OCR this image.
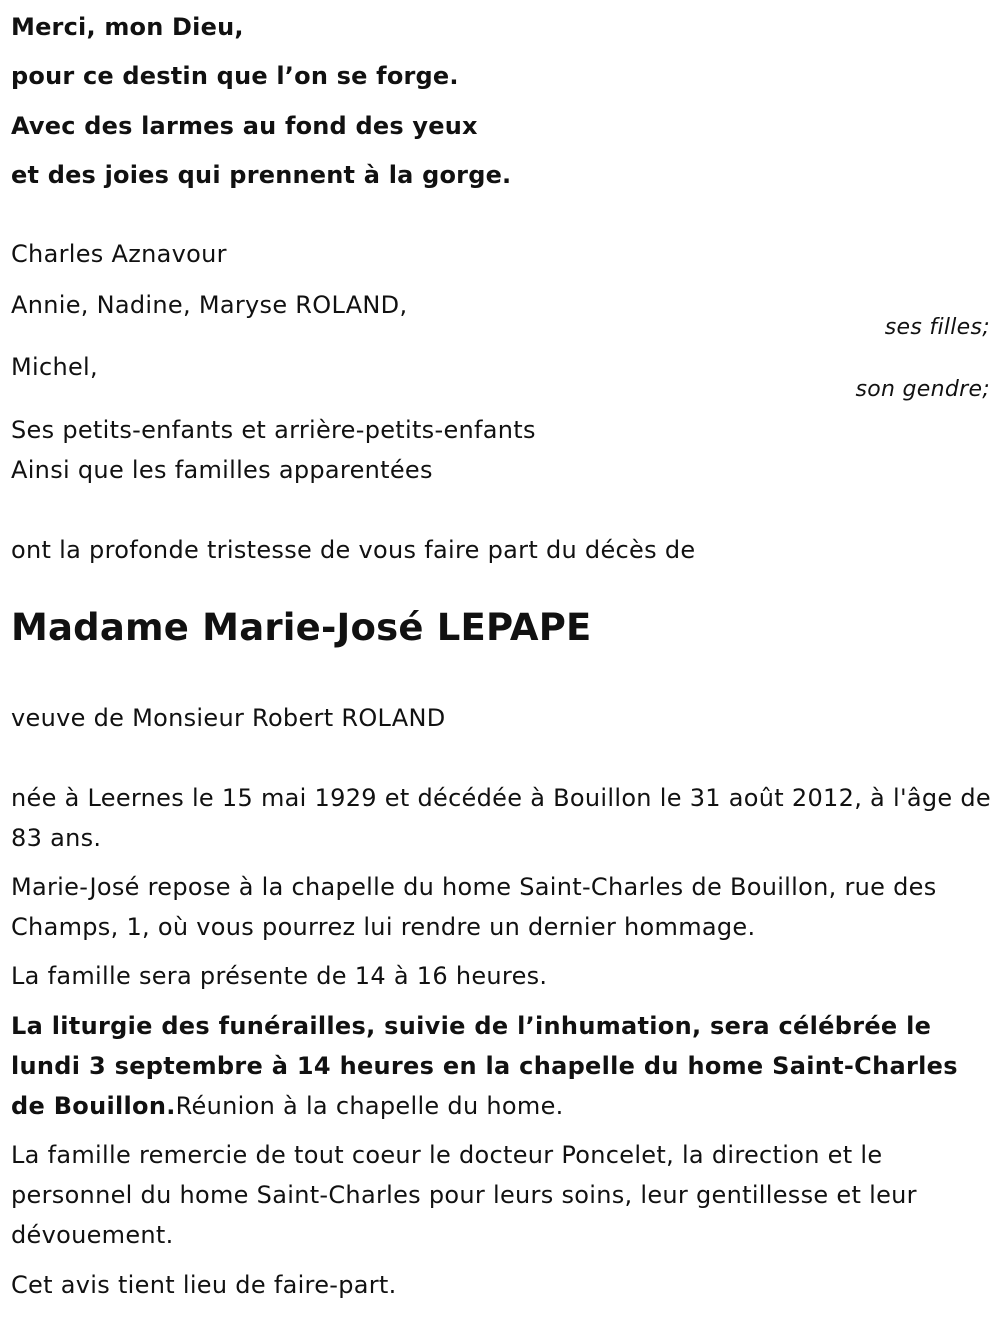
Merci, mon Dieu,

pour ce destin que l’on se forge.

Avec des larmes au fond des yeux

et des joies qui prennent à la gorge.

Charles Aznavour

Annie, Nadine, Maryse ROLAND,

ses filles;

Michel,

son gendre;

Ses petits-enfants et arrière-petits-enfants

Ainsi que les familles apparentées

ont la profonde tristesse de vous faire part du décès de

Madame Marie-José LEPAPE

veuve de Monsieur Robert ROLAND

née à Leernes le 15 mai 1929 et décédée à Bouillon le 31 août 2012, à l'âge de 83 ans.

Marie-José repose à la chapelle du home Saint-Charles de Bouillon, rue des Champs, 1, où vous pourrez lui rendre un dernier hommage.

La famille sera présente de 14 à 16 heures.

La liturgie des funérailles, suivie de l’inhumation, sera célébrée le lundi 3 septembre à 14 heures en la chapelle du home Saint-Charles de Bouillon.Réunion à la chapelle du home.

La famille remercie de tout coeur le docteur Poncelet, la direction et le personnel du home Saint-Charles pour leurs soins, leur gentillesse et leur dévouement.

Cet avis tient lieu de faire-part.
